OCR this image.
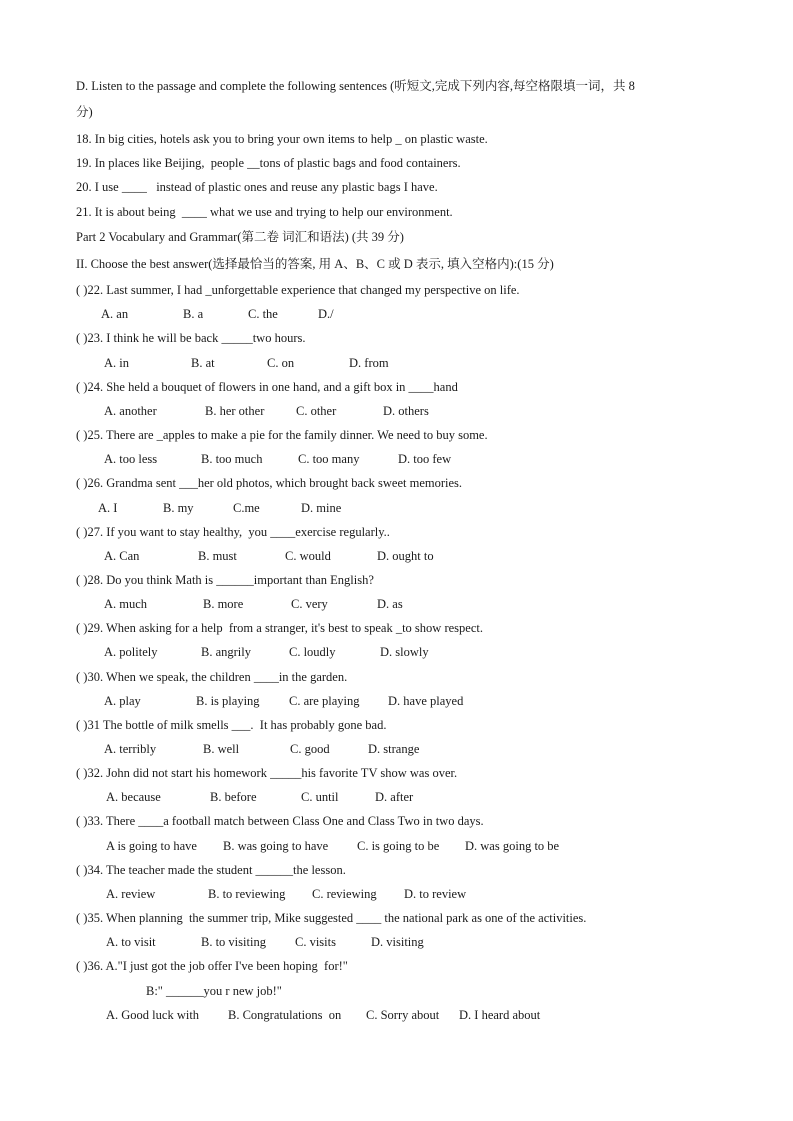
D. Listen to the passage and complete the following sentences (听短文,完成下列内容,每空格限填一词，共 8
分)
18. In big cities, hotels ask you to bring your own items to help _ on plastic waste.
19. In places like Beijing,  people __tons of plastic bags and food containers.
20. I use ____   instead of plastic ones and reuse any plastic bags I have.
21. It is about being  ____ what we use and trying to help our environment.
Part 2 Vocabulary and Grammar(第二卷 词汇和语法) (共 39 分)
II. Choose the best answer(选择最恰当的答案, 用 A、B、C 或 D 表示, 填入空格内):(15 分)
( )22. Last summer, I had _unforgettable experience that changed my perspective on life.
A. an	B. a	C. the	D./
( )23. I think he will be back _____two hours.
A. in	B. at	C. on	D. from
( )24. She held a bouquet of flowers in one hand, and a gift box in ____hand
A. another	B. her other	C. other	D. others
( )25. There are _apples to make a pie for the family dinner. We need to buy some.
A. too less	B. too much	C. too many	D. too few
( )26. Grandma sent ___her old photos, which brought back sweet memories.
A. I	B. my	C.me	D. mine
( )27. If you want to stay healthy,  you ____exercise regularly..
A. Can	B. must	C. would	D. ought to
( )28. Do you think Math is ______important than English?
A. much	B. more	C. very	D. as
( )29. When asking for a help  from a stranger, it's best to speak _to show respect.
A. politely	B. angrily	C. loudly	D. slowly
( )30. When we speak, the children ____in the garden.
A. play	B. is playing C. are playing D. have played
( )31 The bottle of milk smells ___.  It has probably gone bad.
A. terribly	B. well	C. good	D. strange
( )32. John did not start his homework _____his favorite TV show was over.
A. because	B. before	C. until	D. after
( )33. There ____a football match between Class One and Class Two in two days.
A is going to have B. was going to have C. is going to be D. was going to be
( )34. The teacher made the student ______the lesson.
A. review	B. to reviewing C. reviewing D. to review
( )35. When planning  the summer trip, Mike suggested ____ the national park as one of the activities.
A. to visit	B. to visiting C. visits	D. visiting
( )36. A."I just got the job offer I've been hoping  for!"
B:" ______you r new job!"
A. Good luck with B. Congratulations  on C. Sorry about D. I heard about
